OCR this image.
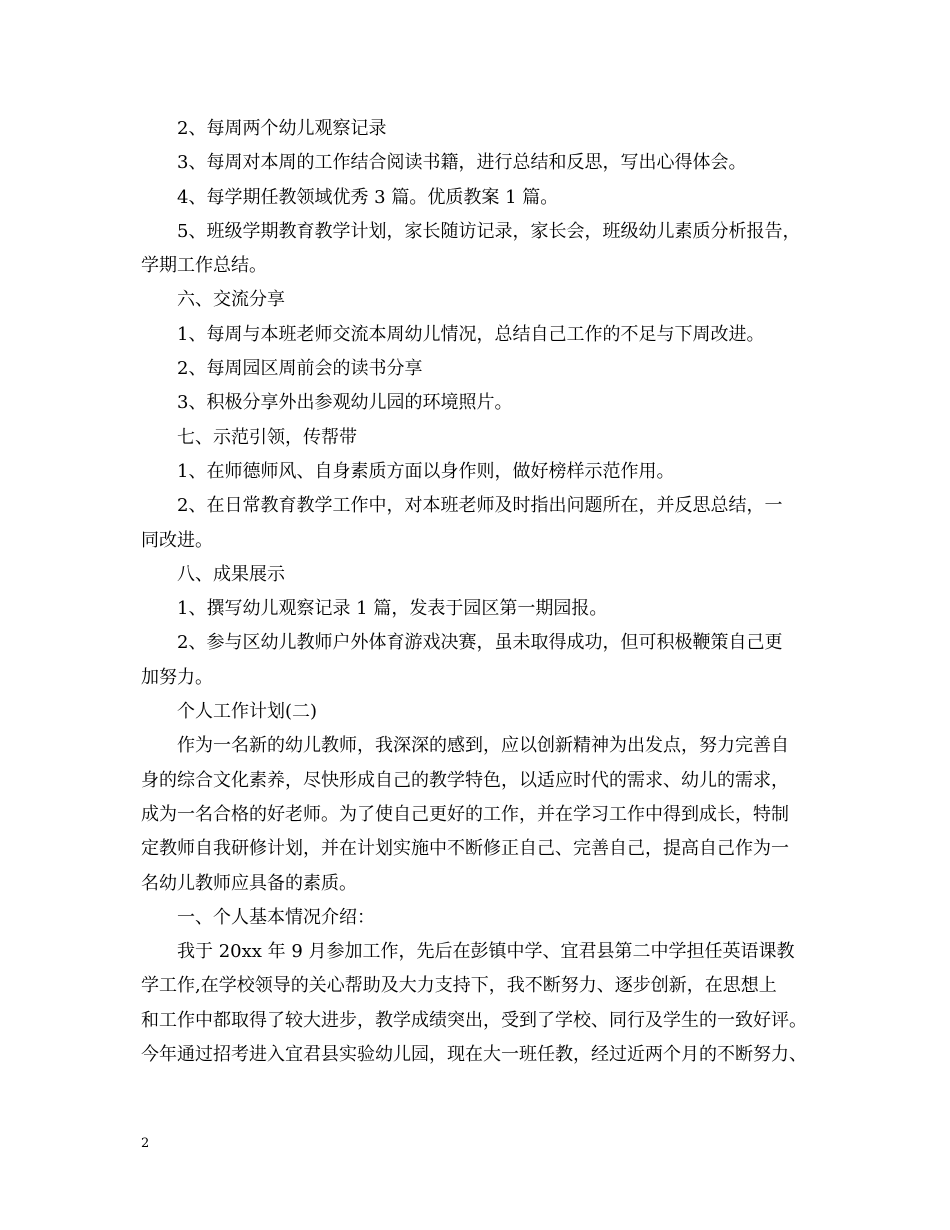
2、每周两个幼儿观察记录
3、每周对本周的工作结合阅读书籍，进行总结和反思，写出心得体会。
4、每学期任教领域优秀 3 篇。优质教案 1 篇。
5、班级学期教育教学计划，家长随访记录，家长会，班级幼儿素质分析报告，
学期工作总结。
六、交流分享
1、每周与本班老师交流本周幼儿情况，总结自己工作的不足与下周改进。
2、每周园区周前会的读书分享
3、积极分享外出参观幼儿园的环境照片。
七、示范引领，传帮带
1、在师德师风、自身素质方面以身作则，做好榜样示范作用。
2、在日常教育教学工作中，对本班老师及时指出问题所在，并反思总结，一
同改进。
八、成果展示
1、撰写幼儿观察记录 1 篇，发表于园区第一期园报。
2、参与区幼儿教师户外体育游戏决赛，虽未取得成功，但可积极鞭策自己更
加努力。
个人工作计划(二)
作为一名新的幼儿教师，我深深的感到，应以创新精神为出发点，努力完善自
身的综合文化素养，尽快形成自己的教学特色，以适应时代的需求、幼儿的需求，
成为一名合格的好老师。为了使自己更好的工作，并在学习工作中得到成长，特制
定教师自我研修计划，并在计划实施中不断修正自己、完善自己，提高自己作为一
名幼儿教师应具备的素质。
一、个人基本情况介绍：
我于 20xx 年 9 月参加工作，先后在彭镇中学、宜君县第二中学担任英语课教
学工作,在学校领导的关心帮助及大力支持下，我不断努力、逐步创新，在思想上
和工作中都取得了较大进步，教学成绩突出，受到了学校、同行及学生的一致好评。
今年通过招考进入宜君县实验幼儿园，现在大一班任教，经过近两个月的不断努力、
2
